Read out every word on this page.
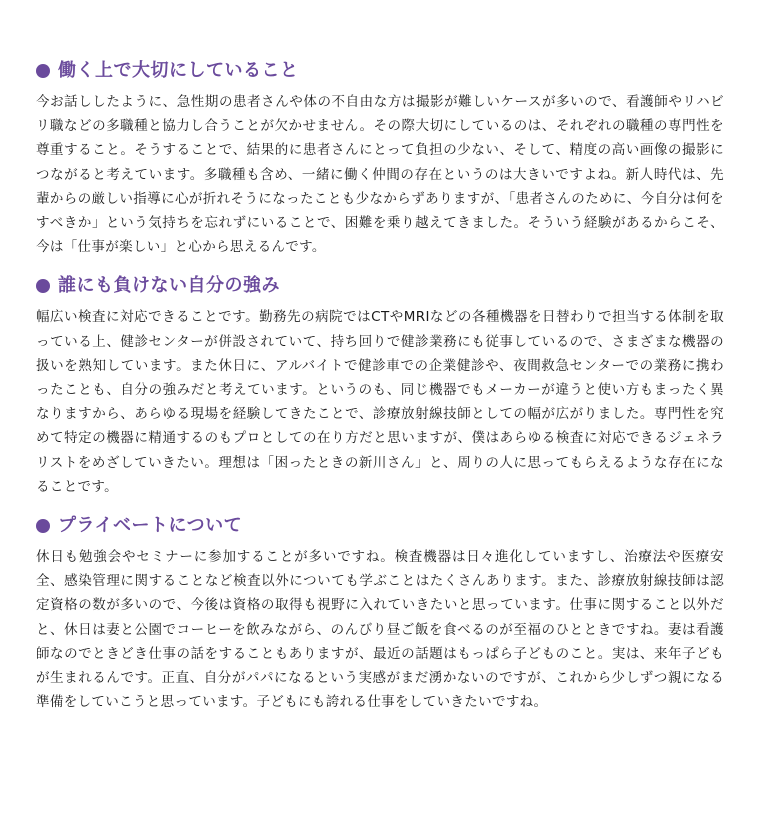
働く上で大切にしていること

今お話ししたように、急性期の患者さんや体の不自由な方は撮影が難しいケースが多いので、看護師やリハビリ職などの多職種と協力し合うことが欠かせません。その際大切にしているのは、それぞれの職種の専門性を尊重すること。そうすることで、結果的に患者さんにとって負担の少ない、そして、精度の高い画像の撮影につながると考えています。多職種も含め、一緒に働く仲間の存在というのは大きいですよね。新人時代は、先輩からの厳しい指導に心が折れそうになったことも少なからずありますが、「患者さんのために、今自分は何をすべきか」という気持ちを忘れずにいることで、困難を乗り越えてきました。そういう経験があるからこそ、今は「仕事が楽しい」と心から思えるんです。

誰にも負けない自分の強み

幅広い検査に対応できることです。勤務先の病院ではCTやMRIなどの各種機器を日替わりで担当する体制を取っている上、健診センターが併設されていて、持ち回りで健診業務にも従事しているので、さまざまな機器の扱いを熟知しています。また休日に、アルバイトで健診車での企業健診や、夜間救急センターでの業務に携わったことも、自分の強みだと考えています。というのも、同じ機器でもメーカーが違うと使い方もまったく異なりますから、あらゆる現場を経験してきたことで、診療放射線技師としての幅が広がりました。専門性を究めて特定の機器に精通するのもプロとしての在り方だと思いますが、僕はあらゆる検査に対応できるジェネラリストをめざしていきたい。理想は「困ったときの新川さん」と、周りの人に思ってもらえるような存在になることです。

プライベートについて

休日も勉強会やセミナーに参加することが多いですね。検査機器は日々進化していますし、治療法や医療安全、感染管理に関することなど検査以外についても学ぶことはたくさんあります。また、診療放射線技師は認定資格の数が多いので、今後は資格の取得も視野に入れていきたいと思っています。仕事に関すること以外だと、休日は妻と公園でコーヒーを飲みながら、のんびり昼ご飯を食べるのが至福のひとときですね。妻は看護師なのでときどき仕事の話をすることもありますが、最近の話題はもっぱら子どものこと。実は、来年子どもが生まれるんです。正直、自分がパパになるという実感がまだ湧かないのですが、これから少しずつ親になる準備をしていこうと思っています。子どもにも誇れる仕事をしていきたいですね。
